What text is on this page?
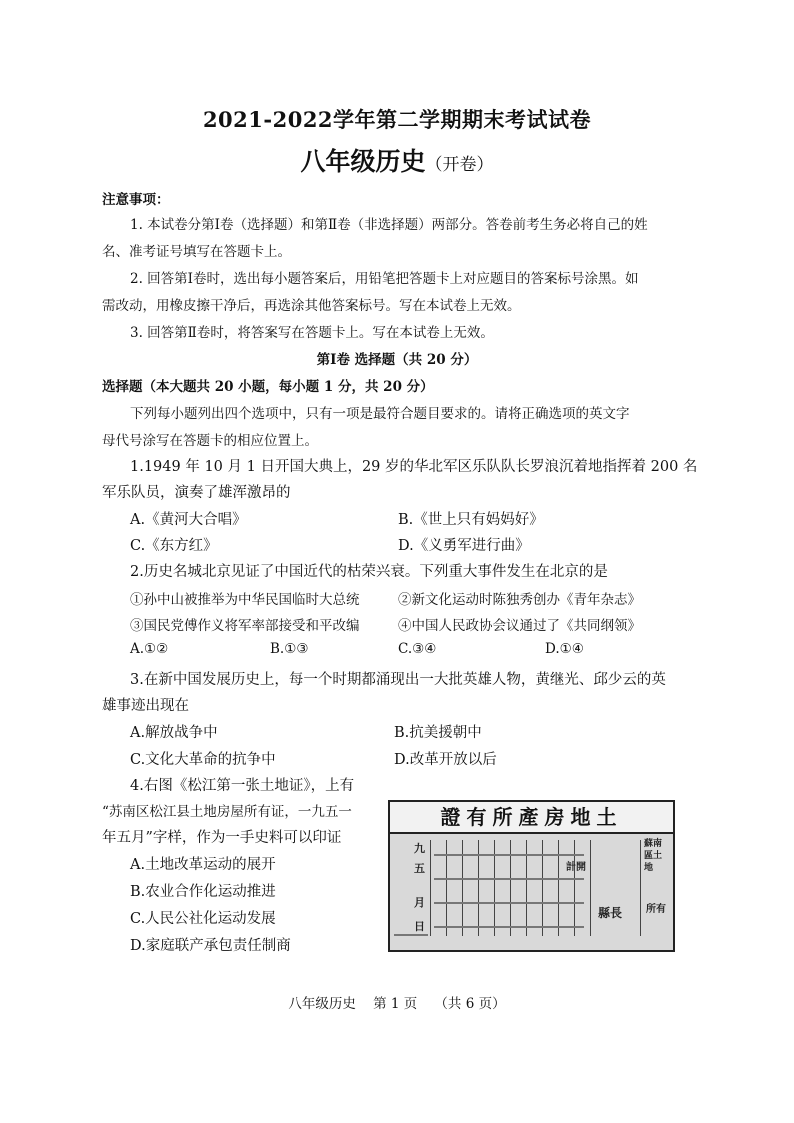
2021-2022学年第二学期期末考试试卷
八年级历史（开卷）
注意事项：
1. 本试卷分第Ⅰ卷（选择题）和第Ⅱ卷（非选择题）两部分。答卷前考生务必将自己的姓
名、准考证号填写在答题卡上。
2. 回答第Ⅰ卷时，选出每小题答案后，用铅笔把答题卡上对应题目的答案标号涂黑。如
需改动，用橡皮擦干净后，再选涂其他答案标号。写在本试卷上无效。
3. 回答第Ⅱ卷时，将答案写在答题卡上。写在本试卷上无效。
第Ⅰ卷 选择题（共 20 分）
选择题（本大题共 20 小题，每小题 1 分，共 20 分）
下列每小题列出四个选项中，只有一项是最符合题目要求的。请将正确选项的英文字
母代号涂写在答题卡的相应位置上。
1.1949 年 10 月 1 日开国大典上，29 岁的华北军区乐队队长罗浪沉着地指挥着 200 名
军乐队员，演奏了雄浑激昂的
A.《黄河大合唱》	B.《世上只有妈妈好》
C.《东方红》	D.《义勇军进行曲》
2.历史名城北京见证了中国近代的枯荣兴衰。下列重大事件发生在北京的是
①孙中山被推举为中华民国临时大总统	②新文化运动时陈独秀创办《青年杂志》
③国民党傅作义将军率部接受和平改编	④中国人民政协会议通过了《共同纲领》
A.①②	B.①③	C.③④	D.①④
3.在新中国发展历史上，每一个时期都涌现出一大批英雄人物，黄继光、邱少云的英
雄事迹出现在
A.解放战争中	B.抗美援朝中
C.文化大革命的抗争中	D.改革开放以后
4.右图《松江第一张土地证》，上有
“苏南区松江县土地房屋所有证，一九五一
年五月”字样，作为一手史料可以印证
A.土地改革运动的展开
B.农业合作化运动推进
C.人民公社化运动发展
D.家庭联产承包责任制商
證有所產房地土
九
五
月
日
計開
縣長
蘇南區土地
所有
八年级历史    第 1 页    （共 6 页）
